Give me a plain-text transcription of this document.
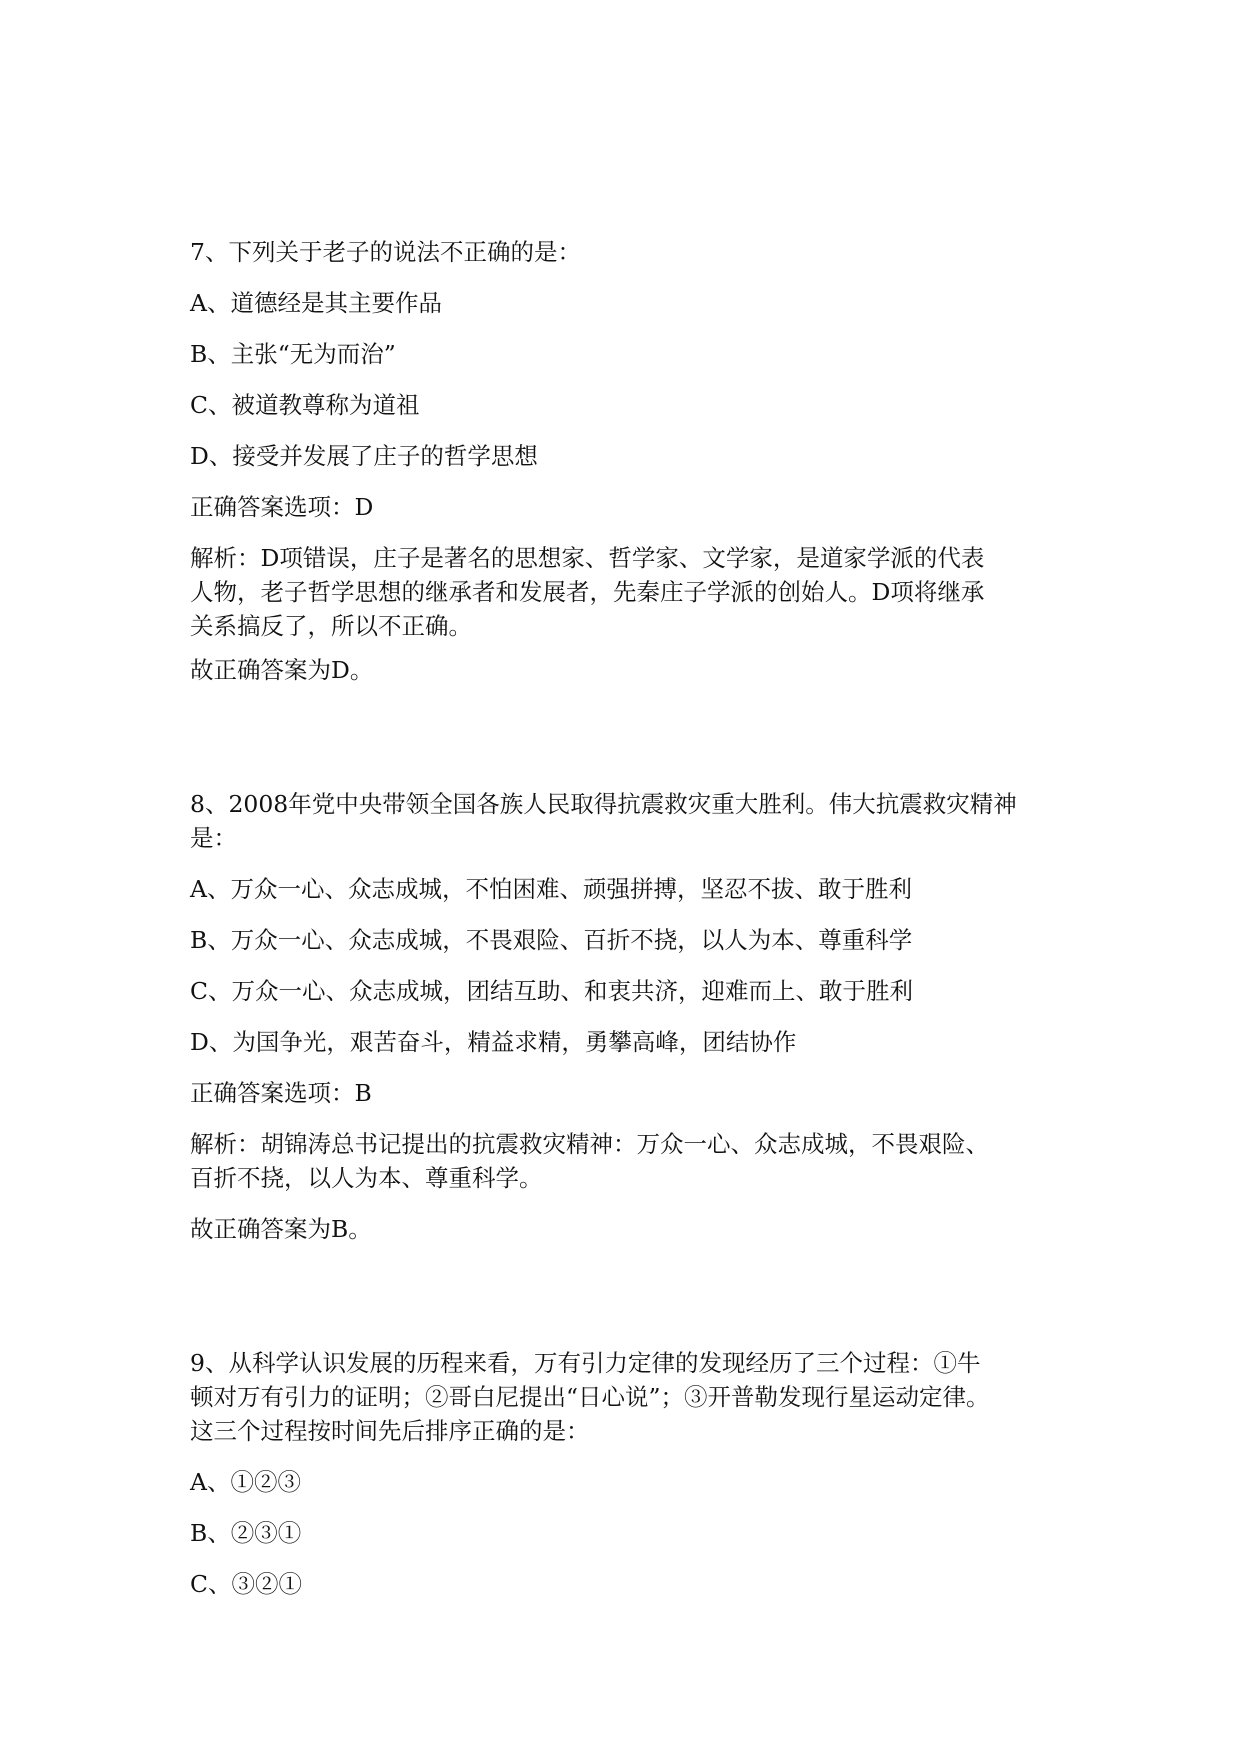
7、下列关于老子的说法不正确的是：
A、道德经是其主要作品
B、主张“无为而治”
C、被道教尊称为道祖
D、接受并发展了庄子的哲学思想
正确答案选项：D
解析：D项错误，庄子是著名的思想家、哲学家、文学家，是道家学派的代表
人物，老子哲学思想的继承者和发展者，先秦庄子学派的创始人。D项将继承
关系搞反了，所以不正确。
故正确答案为D。
8、2008年党中央带领全国各族人民取得抗震救灾重大胜利。伟大抗震救灾精神
是：
A、万众一心、众志成城，不怕困难、顽强拼搏，坚忍不拔、敢于胜利
B、万众一心、众志成城，不畏艰险、百折不挠，以人为本、尊重科学
C、万众一心、众志成城，团结互助、和衷共济，迎难而上、敢于胜利
D、为国争光，艰苦奋斗，精益求精，勇攀高峰，团结协作
正确答案选项：B
解析：胡锦涛总书记提出的抗震救灾精神：万众一心、众志成城，不畏艰险、
百折不挠，以人为本、尊重科学。
故正确答案为B。
9、从科学认识发展的历程来看，万有引力定律的发现经历了三个过程：①牛
顿对万有引力的证明；②哥白尼提出“日心说”；③开普勒发现行星运动定律。
这三个过程按时间先后排序正确的是：
A、①②③
B、②③①
C、③②①
